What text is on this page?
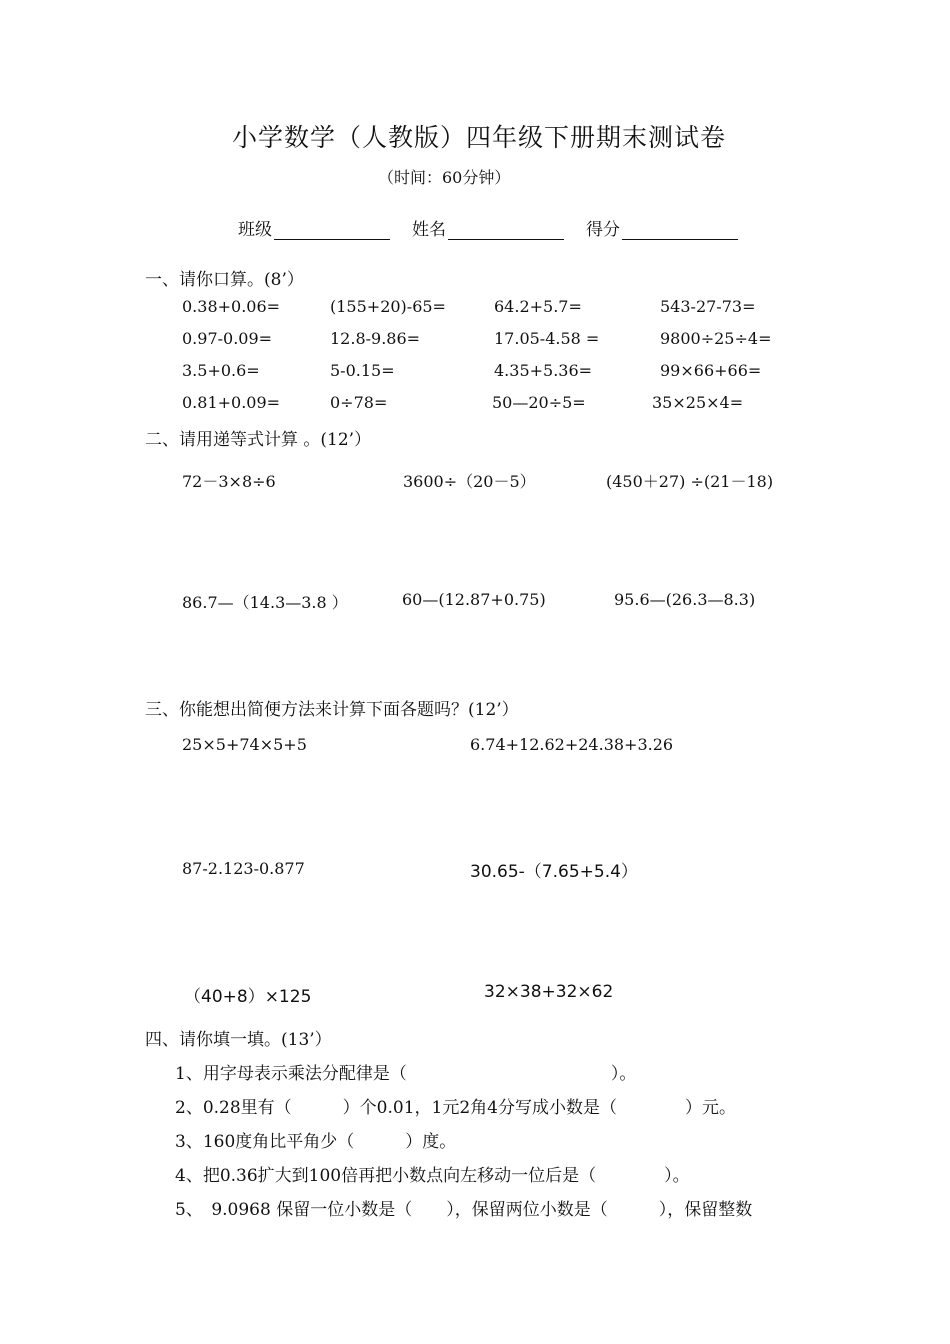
小学数学（人教版）四年级下册期末测试卷
（时间：60分钟）
班级	姓名	得分
一、请你口算。(8’）
0.38+0.06=	(155+20)-65=	64.2+5.7=	543-27-73=
0.97-0.09=	12.8-9.86=	17.05-4.58 =	9800÷25÷4=
3.5+0.6=	5-0.15=	4.35+5.36=	99×66+66=
0.81+0.09=	0÷78=	50—20÷5=	35×25×4=
二、请用递等式计算 。(12’）
72－3×8÷6	3600÷（20－5）	(450＋27) ÷(21－18)
86.7—（14.3—3.8 ）	60—(12.87+0.75)	95.6—(26.3—8.3)
三、你能想出简便方法来计算下面各题吗？(12’）
25×5+74×5+5	6.74+12.62+24.38+3.26
87-2.123-0.877	30.65-（7.65+5.4）
（40+8）×125	32×38+32×62
四、请你填一填。(13’）
1、用字母表示乘法分配律是（　　　　　　　　　　　　）。
2、0.28里有（　　　）个0.01，1元2角4分写成小数是（　　　　）元。
3、160度角比平角少（　　　）度。
4、把0.36扩大到100倍再把小数点向左移动一位后是（　　　　）。
5、　9.0968 保留一位小数是（　　），保留两位小数是（　　　），保留整数
